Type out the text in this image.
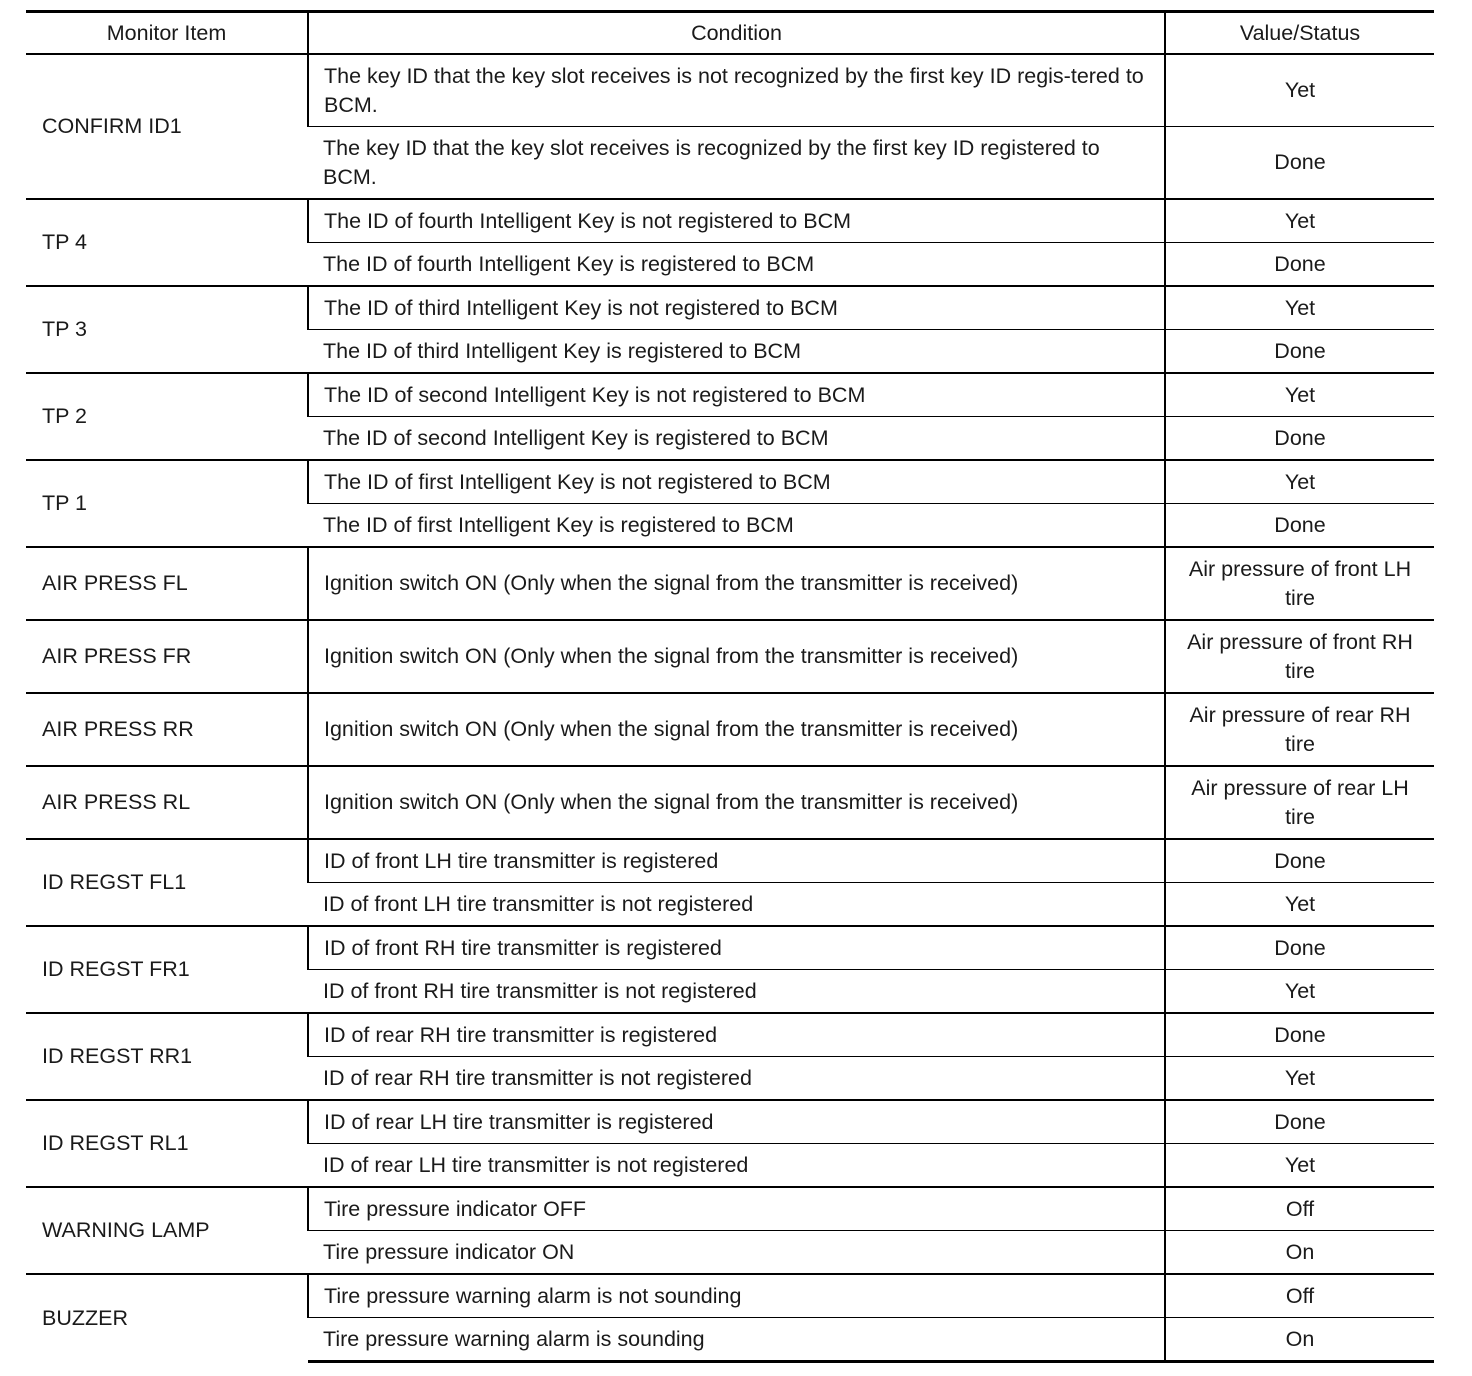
Monitor Item	Condition	Value/Status
CONFIRM ID1	The key ID that the key slot receives is not recognized by the first key ID regis-tered to BCM.	Yet
	The key ID that the key slot receives is recognized by the first key ID registered to BCM.	Done
TP 4	The ID of fourth Intelligent Key is not registered to BCM	Yet
	The ID of fourth Intelligent Key is registered to BCM	Done
TP 3	The ID of third Intelligent Key is not registered to BCM	Yet
	The ID of third Intelligent Key is registered to BCM	Done
TP 2	The ID of second Intelligent Key is not registered to BCM	Yet
	The ID of second Intelligent Key is registered to BCM	Done
TP 1	The ID of first Intelligent Key is not registered to BCM	Yet
	The ID of first Intelligent Key is registered to BCM	Done
AIR PRESS FL	Ignition switch ON (Only when the signal from the transmitter is received)	Air pressure of front LH tire
AIR PRESS FR	Ignition switch ON (Only when the signal from the transmitter is received)	Air pressure of front RH tire
AIR PRESS RR	Ignition switch ON (Only when the signal from the transmitter is received)	Air pressure of rear RH tire
AIR PRESS RL	Ignition switch ON (Only when the signal from the transmitter is received)	Air pressure of rear LH tire
ID REGST FL1	ID of front LH tire transmitter is registered	Done
	ID of front LH tire transmitter is not registered	Yet
ID REGST FR1	ID of front RH tire transmitter is registered	Done
	ID of front RH tire transmitter is not registered	Yet
ID REGST RR1	ID of rear RH tire transmitter is registered	Done
	ID of rear RH tire transmitter is not registered	Yet
ID REGST RL1	ID of rear LH tire transmitter is registered	Done
	ID of rear LH tire transmitter is not registered	Yet
WARNING LAMP	Tire pressure indicator OFF	Off
	Tire pressure indicator ON	On
BUZZER	Tire pressure warning alarm is not sounding	Off
	Tire pressure warning alarm is sounding	On
